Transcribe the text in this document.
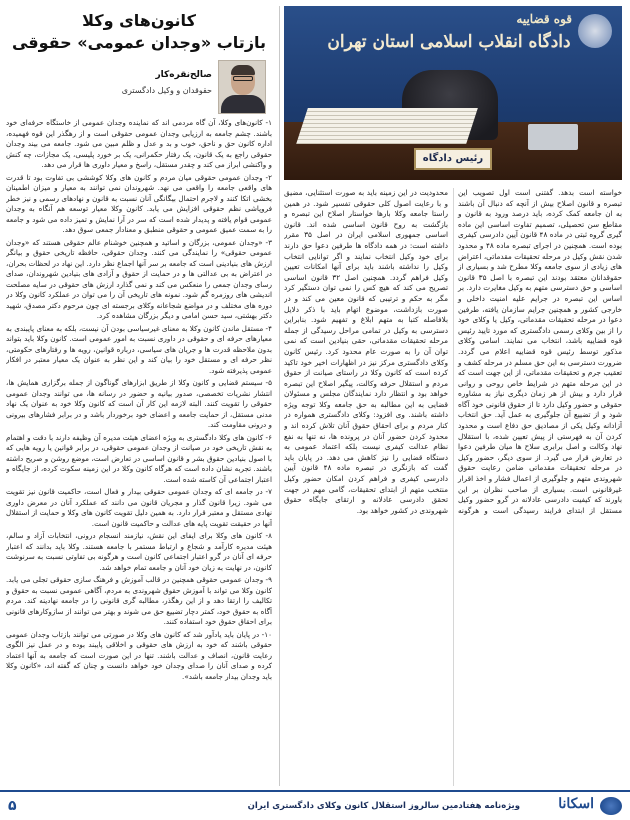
قوه قضاییه
دادگاه انقلاب اسلامی استان تهران
رئیس دادگاه
خواسته است بدهد. گفتنی است اول تصویب این تبصره و قانون اصلاح بیش از آنچه که دنبال آن باشند به ان جامعه کمک کرده، باید درصد ورود به قانون و مقاطع سن تحصیلی، تصمیم تفاوت اساسی این ماده گیری گروه ثبتی در ماده ۴۸ قانون آیین دادرسی کیفری بوده است. همچنین در اجرای تبصره ماده ۴۸ و محدود شدن نقش وکیل در مرحله تحقیقات مقدماتی، اعتراض های زیادی از سوی جامعه وکلا مطرح شد و بسیاری از حقوقدانان معتقد بودند این تبصره با اصل ۳۵ قانون اساسی و حق دسترسی متهم به وکیل مغایرت دارد. بر اساس این تبصره در جرایم علیه امنیت داخلی و خارجی کشور و همچنین جرایم سازمان یافته، طرفین دعوا در مرحله تحقیقات مقدماتی، وکیل یا وکلای خود را از بین وکلای رسمی دادگستری که مورد تایید رئیس قوه قضاییه باشد، انتخاب می نمایند. اسامی وکلای مذکور توسط رئیس قوه قضاییه اعلام می گردد. ضرورت دسترسی به این حق مسلم در مرحله کشف و تعقیب جرم و تحقیقات مقدماتی، از این جهت است که در این مرحله متهم در شرایط خاص روحی و روانی قرار دارد و بیش از هر زمان دیگری نیاز به مشاوره حقوقی و حضور وکیل دارد تا از حقوق قانونی خود آگاه شود و از تضییع آن جلوگیری به عمل آید. حق انتخاب آزادانه وکیل یکی از مصادیق حق دفاع است و محدود کردن آن به فهرستی از پیش تعیین شده، با استقلال نهاد وکالت و اصل برابری سلاح ها میان طرفین دعوا در تعارض قرار می گیرد. از سوی دیگر، حضور وکیل در مرحله تحقیقات مقدماتی ضامن رعایت حقوق شهروندی متهم و جلوگیری از اعمال فشار و اخذ اقرار غیرقانونی است. بسیاری از صاحب نظران بر این باورند که کیفیت دادرسی عادلانه در گرو حضور وکیل مستقل از ابتدای فرایند رسیدگی است و هرگونه محدودیت در این زمینه باید به صورت استثنایی، مضیق و با رعایت اصول کلی حقوقی تفسیر شود. در همین راستا جامعه وکلا بارها خواستار اصلاح این تبصره و بازگشت به روح قانون اساسی شده اند. قانون اساسی جمهوری اسلامی ایران در اصل ۳۵ مقرر داشته است: در همه دادگاه ها طرفین دعوا حق دارند برای خود وکیل انتخاب نمایند و اگر توانایی انتخاب وکیل را نداشته باشند باید برای آنها امکانات تعیین وکیل فراهم گردد. همچنین اصل ۳۲ قانون اساسی تصریح می کند که هیچ کس را نمی توان دستگیر کرد مگر به حکم و ترتیبی که قانون معین می کند و در صورت بازداشت، موضوع اتهام باید با ذکر دلایل بلافاصله کتبا به متهم ابلاغ و تفهیم شود. بنابراین دسترسی به وکیل در تمامی مراحل رسیدگی از جمله مرحله تحقیقات مقدماتی، حقی بنیادین است که نمی توان آن را به صورت عام محدود کرد. رئیس کانون وکلای دادگستری مرکز نیز در اظهارات اخیر خود تاکید کرده است که کانون وکلا در راستای صیانت از حقوق مردم و استقلال حرفه وکالت، پیگیر اصلاح این تبصره خواهد بود و انتظار دارد نمایندگان مجلس و مسئولان قضایی به این مطالبه به حق جامعه وکلا توجه ویژه داشته باشند. وی افزود: وکلای دادگستری همواره در کنار مردم و برای احقاق حقوق آنان تلاش کرده اند و محدود کردن حضور آنان در پرونده ها، نه تنها به نفع نظام عدالت کیفری نیست بلکه اعتماد عمومی به دستگاه قضایی را نیز کاهش می دهد. در پایان باید گفت که بازنگری در تبصره ماده ۴۸ قانون آیین دادرسی کیفری و فراهم کردن امکان حضور وکیل منتخب متهم از ابتدای تحقیقات، گامی مهم در جهت تحقق دادرسی عادلانه و ارتقای جایگاه حقوق شهروندی در کشور خواهد بود.
کانون‌های وکلا
بازتاب «وجدان عمومی» حقوقی
صالح‌نقره‌کار
حقوقدان و وکیل دادگستری

۱- کانون‌های وکلا، آن گاه مردمی اند که نماینده وجدان عمومی از خاستگاه حرفه‌ای خود باشند. چشم جامعه به ارزیابی وجدان عمومی حقوقی است و از رهگذر این قوه فهمیده، اداره کانون حق و ناحق، خوب و بد و عدل و ظلم مبین می شود. جامعه می بیند وجدان حقوقی راجع به یک قانون، یک رفتار حکمرانی، یک بر خورد پلیسی، یک مجازات، چه کنش و واکنشی ابراز می کند و چقدر مستقل، راسخ و معیار داوری ها قرار می دهد.

۲- وجدان عمومی حقوقی میان مردم و کانون های وکلا کوششی بی تفاوت بود تا قدرت های واقعی جامعه را واقعی می نهد. شهروندان نمی توانند به معیار و میزان اطمینان بخشی اتکا کنند و لاجرم احتمال بیگانگی آنان نسبت به قانون و نهادهای رسمی و نیز خطر فروپاشی نظم حقوقی افزایش می یابد. کانون وکلا معیار توسعه هم آنگاه به وجدان عمومی قوام یافته و پدیدار شده است که سر در آرا نمایش و تمیز داده می شود و جامعه را به سمت عمیق عمومی و حقوقی منطبق و معنادار جمعی سوق دهد.

۳- «وجدان عمومی، بزرگان و اساتید و همچنین خوشنام عالم حقوقی هستند که «وجدان عمومی حقوقی» را نمایندگی می کنند. وجدان حقوقی، حافظه تاریخی حقوق و بیانگر ارزش های بنیادینی است که جامعه بر سر آنها اجماع نظر دارد. این نهاد در لحظات بحران، در اعتراض به بی عدالتی ها و در حمایت از حقوق و آزادی های بنیادین شهروندان، صدای رسای وجدان جمعی را منعکس می کند و نمی گذارد ارزش های حقوقی در سایه مصلحت اندیشی های روزمره گم شود. نمونه های تاریخی آن را می توان در عملکرد کانون وکلا در دوره های مختلف و در مواضع شجاعانه وکلای برجسته ای چون مرحوم دکتر مصدق، شهید دکتر بهشتی، سید حسن امامی و دیگر بزرگان مشاهده کرد.

۴- مستقل ماندن کانون وکلا به معنای غیرسیاسی بودن آن نیست، بلکه به معنای پایبندی به معیارهای حرفه ای و حقوقی در داوری نسبت به امور عمومی است. کانون وکلا باید بتواند بدون ملاحظه قدرت ها و جریان های سیاسی، درباره قوانین، رویه ها و رفتارهای حکومتی، نظر حرفه ای و مستقل خود را بیان کند و این نظر به عنوان یک معیار معتبر در افکار عمومی پذیرفته شود.

۵- سیستم قضایی و کانون وکلا از طریق ابزارهای گوناگون از جمله برگزاری همایش ها، انتشار نشریات تخصصی، صدور بیانیه و حضور در رسانه ها، می توانند وجدان عمومی حقوقی را تقویت کنند. البته لازمه این کار آن است که کانون وکلا خود به عنوان یک نهاد مدنی مستقل، از حمایت جامعه و اعضای خود برخوردار باشد و در برابر فشارهای بیرونی و درونی مقاومت کند.

۶- کانون های وکلا دادگستری به ویژه اعضای هیئت مدیره آن وظیفه دارند با دقت و اهتمام به نقش تاریخی خود در صیانت از وجدان عمومی حقوقی، در برابر قوانین یا رویه هایی که با اصول بنیادین حقوق بشر و قانون اساسی در تعارض است، موضع روشن و صریح داشته باشند. تجربه نشان داده است که هرگاه کانون وکلا در این زمینه سکوت کرده، از جایگاه و اعتبار اجتماعی آن کاسته شده است.

۷- در جامعه ای که وجدان عمومی حقوقی بیدار و فعال است، حاکمیت قانون نیز تقویت می شود. زیرا قانون گذار و مجریان قانون می دانند که عملکرد آنان در معرض داوری نهادی مستقل و معتبر قرار دارد. به همین دلیل تقویت کانون های وکلا و حمایت از استقلال آنها در حقیقت تقویت پایه های عدالت و حاکمیت قانون است.

۸- کانون های وکلا برای ایفای این نقش، نیازمند انسجام درونی، انتخابات آزاد و سالم، هیئت مدیره کارآمد و شجاع و ارتباط مستمر با جامعه هستند. وکلا باید بدانند که اعتبار حرفه ای آنان در گرو اعتبار اجتماعی کانون است و هرگونه بی تفاوتی نسبت به سرنوشت کانون، در نهایت به زیان خود آنان و جامعه تمام خواهد شد.

۹- وجدان عمومی حقوقی همچنین در قالب آموزش و فرهنگ سازی حقوقی تجلی می یابد. کانون وکلا می تواند با آموزش حقوق شهروندی به مردم، آگاهی عمومی نسبت به حقوق و تکالیف را ارتقا دهد و از این رهگذر، مطالبه گری قانونی را در جامعه نهادینه کند. مردم آگاه به حقوق خود، کمتر دچار تضییع حق می شوند و بهتر می توانند از سازوکارهای قانونی برای احقاق حقوق خود استفاده کنند.

۱۰- در پایان باید یادآور شد که کانون های وکلا در صورتی می توانند بازتاب وجدان عمومی حقوقی باشند که خود به ارزش های حقوقی و اخلاقی پایبند بوده و در عمل نیز الگوی رعایت قانون، انصاف و عدالت باشند. تنها در این صورت است که جامعه به آنها اعتماد کرده و صدای آنان را صدای وجدان خود خواهد دانست و چنان که گفته اند، «کانون وکلا باید وجدان بیدار جامعه باشد».

۵	ویژه‌نامه هفتادمین سالروز استقلال کانون وکلای دادگستری ایران	اسکانا
